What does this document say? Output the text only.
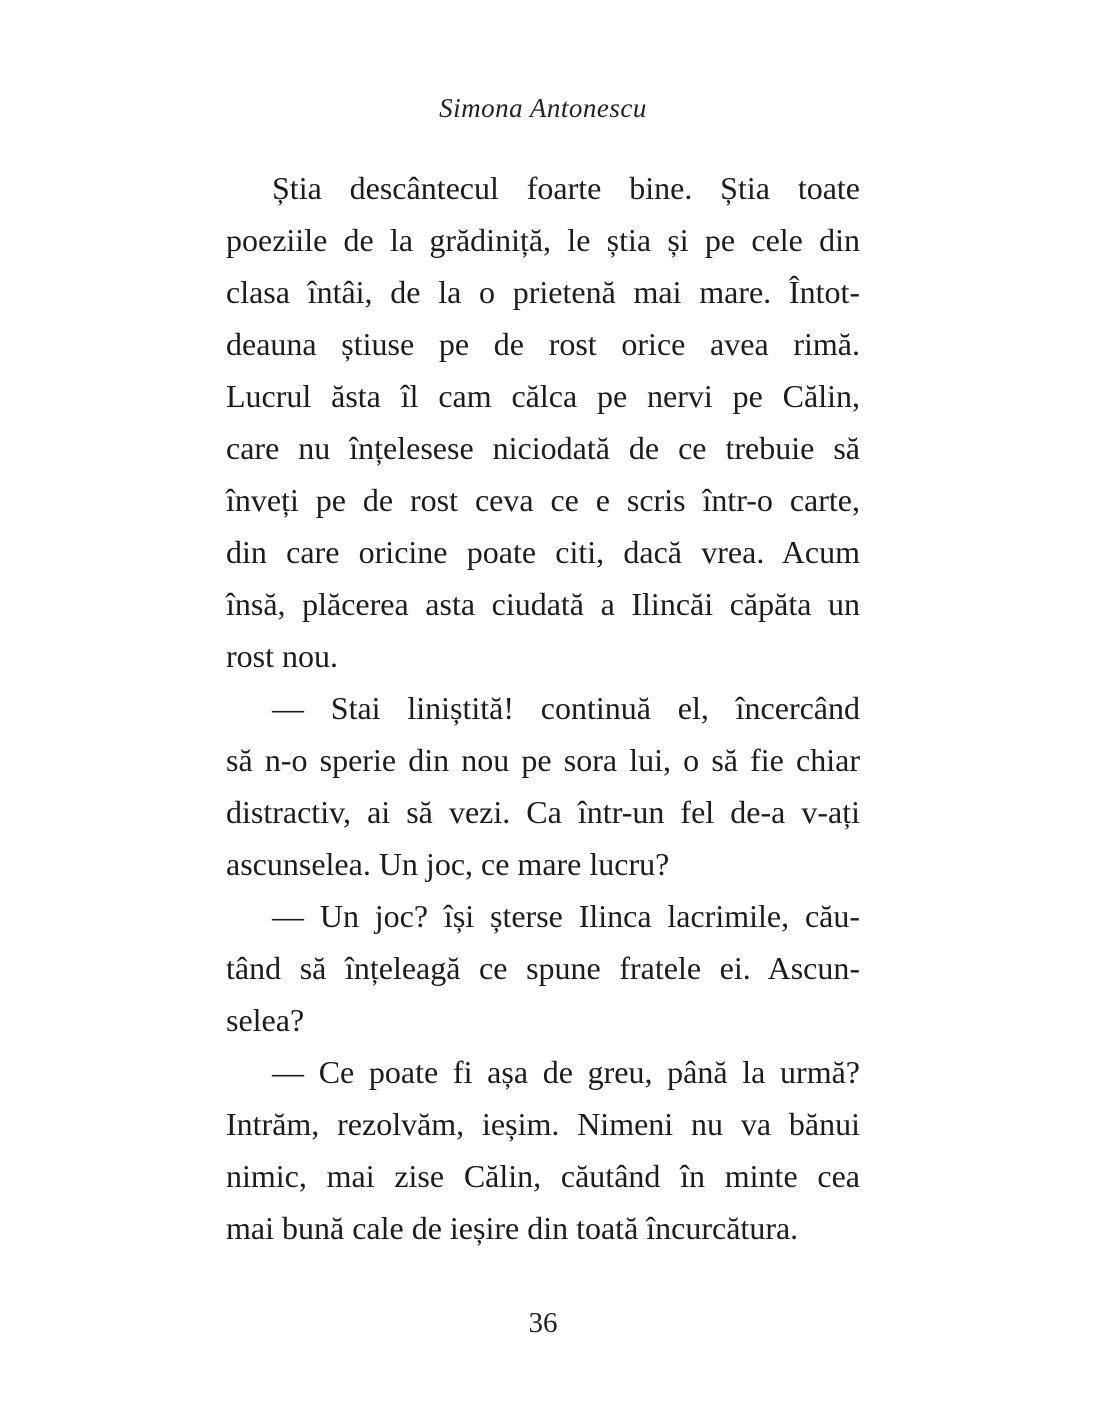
Simona Antonescu
Știa descântecul foarte bine. Știa toate
poeziile de la grădiniță, le știa și pe cele din
clasa întâi, de la o prietenă mai mare. Întot-
deauna știuse pe de rost orice avea rimă.
Lucrul ăsta îl cam călca pe nervi pe Călin,
care nu înțelesese niciodată de ce trebuie să
înveți pe de rost ceva ce e scris într-o carte,
din care oricine poate citi, dacă vrea. Acum
însă, plăcerea asta ciudată a Ilincăi căpăta un
rost nou.
— Stai liniștită! continuă el, încercând
să n-o sperie din nou pe sora lui, o să fie chiar
distractiv, ai să vezi. Ca într-un fel de-a v-ați
ascunselea. Un joc, ce mare lucru?
— Un joc? își șterse Ilinca lacrimile, cău-
tând să înțeleagă ce spune fratele ei. Ascun-
selea?
— Ce poate fi așa de greu, până la urmă?
Intrăm, rezolvăm, ieșim. Nimeni nu va bănui
nimic, mai zise Călin, căutând în minte cea
mai bună cale de ieșire din toată încurcătura.
36
